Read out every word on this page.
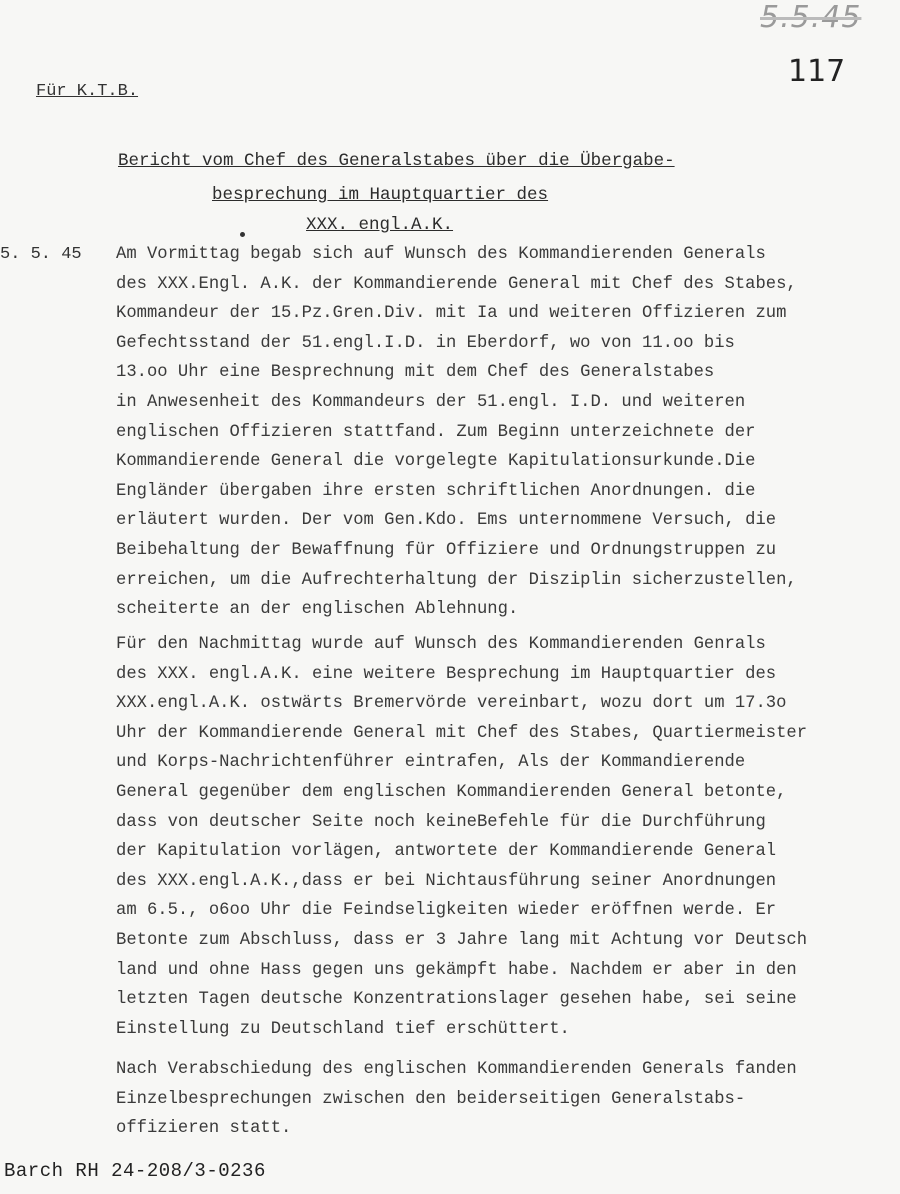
5.5.45
117
Für K.T.B.
Bericht vom Chef des Generalstabes über die Übergabe-
besprechung im Hauptquartier des
XXX. engl.A.K.
5. 5. 45 Am Vormittag begab sich auf Wunsch des Kommandierenden Generals
des XXX.Engl. A.K. der Kommandierende General mit Chef des Stabes,
Kommandeur der 15.Pz.Gren.Div. mit Ia und weiteren Offizieren zum
Gefechtsstand der 51.engl.I.D. in Eberdorf, wo von 11.oo bis
13.oo Uhr eine Besprechnung mit dem Chef des Generalstabes
in Anwesenheit des Kommandeurs der 51.engl. I.D. und weiteren
englischen Offizieren stattfand. Zum Beginn unterzeichnete der
Kommandierende General die vorgelegte Kapitulationsurkunde.Die
Engländer übergaben ihre ersten schriftlichen Anordnungen. die
erläutert wurden. Der vom Gen.Kdo. Ems unternommene Versuch, die
Beibehaltung der Bewaffnung für Offiziere und Ordnungstruppen zu
erreichen, um die Aufrechterhaltung der Disziplin sicherzustellen,
scheiterte an der englischen Ablehnung.
Für den Nachmittag wurde auf Wunsch des Kommandierenden Genrals
des XXX. engl.A.K. eine weitere Besprechung im Hauptquartier des
XXX.engl.A.K. ostwärts Bremervörde vereinbart, wozu dort um 17.3o
Uhr der Kommandierende General mit Chef des Stabes, Quartiermeister
und Korps-Nachrichtenführer eintrafen, Als der Kommandierende
General gegenüber dem englischen Kommandierenden General betonte,
dass von deutscher Seite noch keineBefehle für die Durchführung
der Kapitulation vorlägen, antwortete der Kommandierende General
des XXX.engl.A.K.,dass er bei Nichtausführung seiner Anordnungen
am 6.5., o6oo Uhr die Feindseligkeiten wieder eröffnen werde. Er
Betonte zum Abschluss, dass er 3 Jahre lang mit Achtung vor Deutsch
land und ohne Hass gegen uns gekämpft habe. Nachdem er aber in den
letzten Tagen deutsche Konzentrationslager gesehen habe, sei seine
Einstellung zu Deutschland tief erschüttert.
Nach Verabschiedung des englischen Kommandierenden Generals fanden
Einzelbesprechungen zwischen den beiderseitigen Generalstabs-
offizieren statt.
Barch RH 24-208/3-0236
